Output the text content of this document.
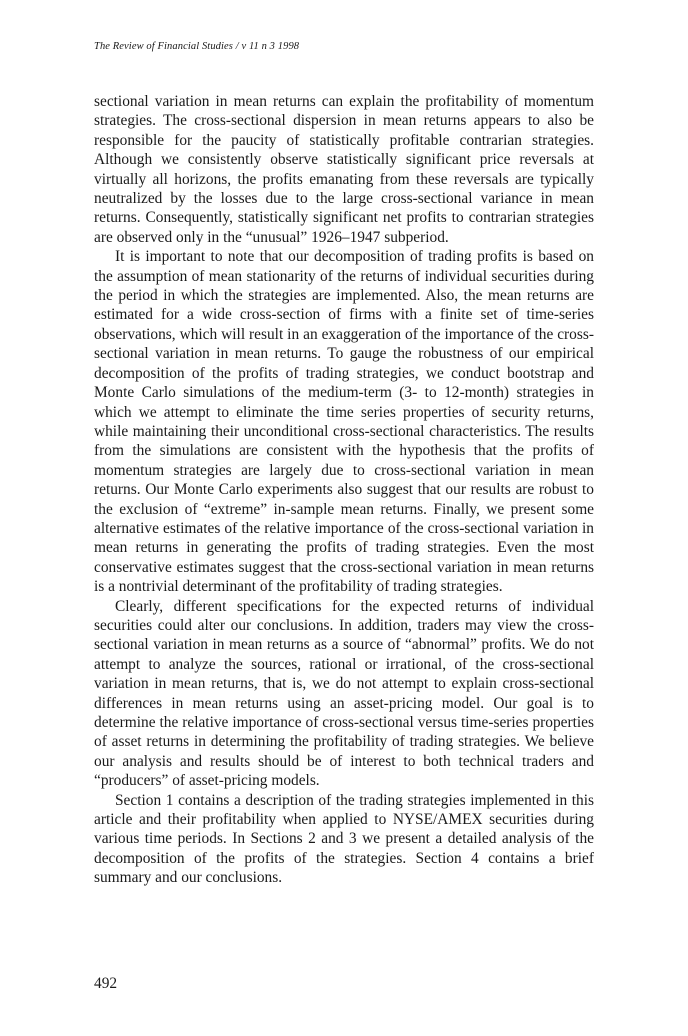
The Review of Financial Studies / v 11 n 3 1998

sectional variation in mean returns can explain the profitability of momentum strategies. The cross-sectional dispersion in mean returns appears to also be responsible for the paucity of statistically profitable contrarian strategies. Although we consistently observe statistically significant price reversals at virtually all horizons, the profits emanating from these reversals are typically neutralized by the losses due to the large cross-sectional variance in mean returns. Consequently, statistically significant net profits to contrarian strategies are observed only in the “unusual” 1926–1947 subperiod.

It is important to note that our decomposition of trading profits is based on the assumption of mean stationarity of the returns of individual securities during the period in which the strategies are implemented. Also, the mean returns are estimated for a wide cross-section of firms with a finite set of time-series observations, which will result in an exaggeration of the importance of the cross-sectional variation in mean returns. To gauge the robustness of our empirical decomposition of the profits of trading strategies, we conduct bootstrap and Monte Carlo simulations of the medium-term (3- to 12-month) strategies in which we attempt to eliminate the time series properties of security returns, while maintaining their unconditional cross-sectional characteristics. The results from the simulations are consistent with the hypothesis that the profits of momentum strategies are largely due to cross-sectional variation in mean returns. Our Monte Carlo experiments also suggest that our results are robust to the exclusion of “extreme” in-sample mean returns. Finally, we present some alternative estimates of the relative importance of the cross-sectional variation in mean returns in generating the profits of trading strategies. Even the most conservative estimates suggest that the cross-sectional variation in mean returns is a nontrivial determinant of the profitability of trading strategies.

Clearly, different specifications for the expected returns of individual securities could alter our conclusions. In addition, traders may view the cross-sectional variation in mean returns as a source of “abnormal” profits. We do not attempt to analyze the sources, rational or irrational, of the cross-sectional variation in mean returns, that is, we do not attempt to explain cross-sectional differences in mean returns using an asset-pricing model. Our goal is to determine the relative importance of cross-sectional versus time-series properties of asset returns in determining the profitability of trading strategies. We believe our analysis and results should be of interest to both technical traders and “producers” of asset-pricing models.

Section 1 contains a description of the trading strategies implemented in this article and their profitability when applied to NYSE/AMEX securities during various time periods. In Sections 2 and 3 we present a detailed analysis of the decomposition of the profits of the strategies. Section 4 contains a brief summary and our conclusions.

492
